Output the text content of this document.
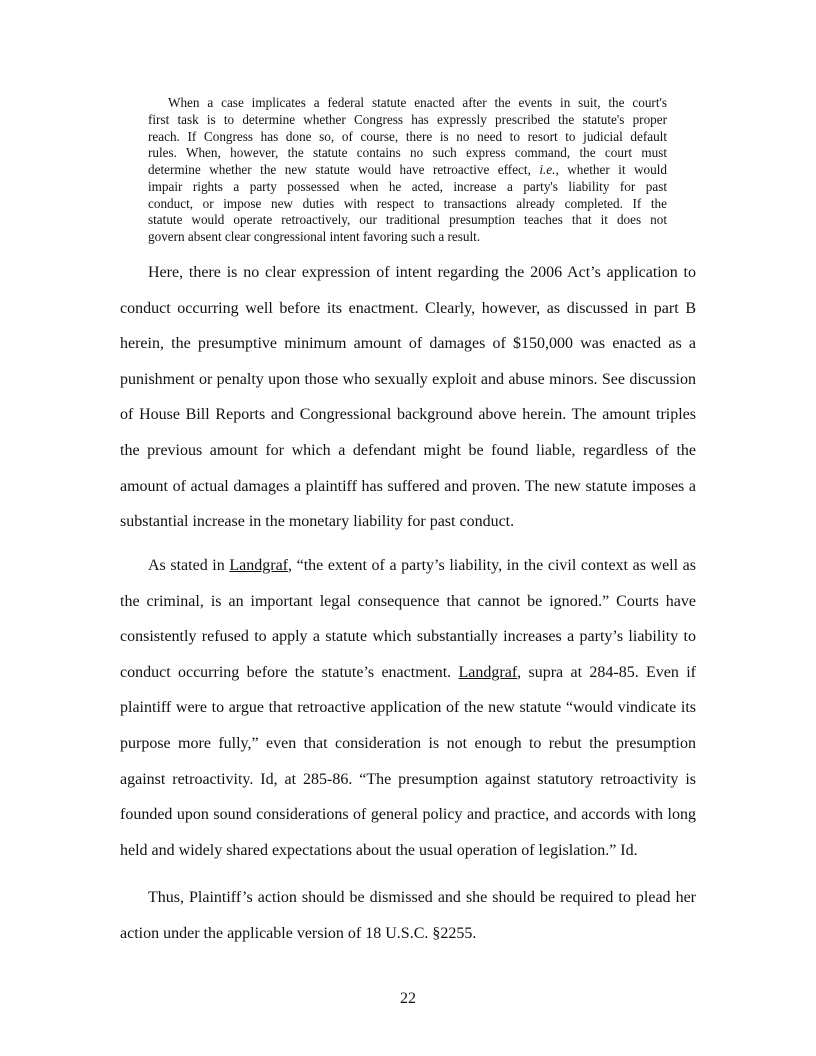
When a case implicates a federal statute enacted after the events in suit, the court's
first task is to determine whether Congress has expressly prescribed the statute's proper
reach. If Congress has done so, of course, there is no need to resort to judicial default
rules. When, however, the statute contains no such express command, the court must
determine whether the new statute would have retroactive effect, i.e., whether it would
impair rights a party possessed when he acted, increase a party's liability for past
conduct, or impose new duties with respect to transactions already completed. If the
statute would operate retroactively, our traditional presumption teaches that it does not
govern absent clear congressional intent favoring such a result.
Here, there is no clear expression of intent regarding the 2006 Act’s application to
conduct occurring well before its enactment. Clearly, however, as discussed in part B
herein, the presumptive minimum amount of damages of $150,000 was enacted as a
punishment or penalty upon those who sexually exploit and abuse minors. See discussion
of House Bill Reports and Congressional background above herein. The amount triples
the previous amount for which a defendant might be found liable, regardless of the
amount of actual damages a plaintiff has suffered and proven. The new statute imposes a
substantial increase in the monetary liability for past conduct.
As stated in Landgraf, “the extent of a party’s liability, in the civil context as well as
the criminal, is an important legal consequence that cannot be ignored.” Courts have
consistently refused to apply a statute which substantially increases a party’s liability to
conduct occurring before the statute’s enactment. Landgraf, supra at 284-85. Even if
plaintiff were to argue that retroactive application of the new statute “would vindicate its
purpose more fully,” even that consideration is not enough to rebut the presumption
against retroactivity. Id, at 285-86. “The presumption against statutory retroactivity is
founded upon sound considerations of general policy and practice, and accords with long
held and widely shared expectations about the usual operation of legislation.” Id.
Thus, Plaintiff’s action should be dismissed and she should be required to plead her
action under the applicable version of 18 U.S.C. §2255.
22
